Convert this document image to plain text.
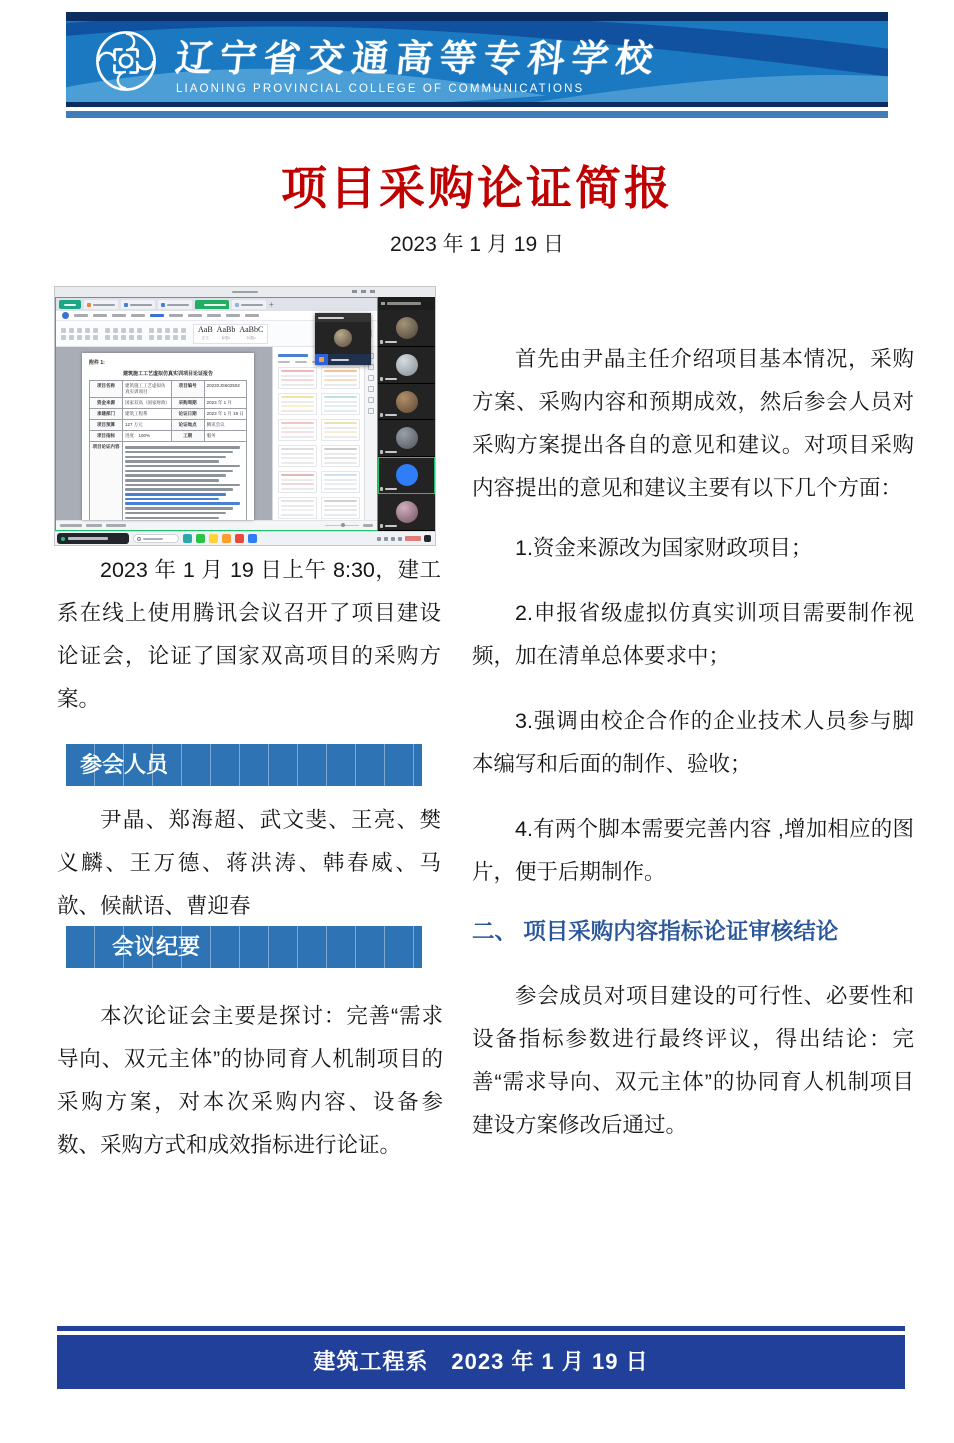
辽宁省交通高等专科学校
LIAONING PROVINCIAL COLLEGE OF COMMUNICATIONS
项目采购论证简报
2023 年 1 月 19 日
+
AaB
正文
AaBb
标题1
AaBbC
标题2
附件 1:
建筑施工工艺虚拟仿真实训项目论证报告
项目名称	建筑施工工艺虚拟仿真实训项目	项目编号	2023XJS602502
资金来源	国家双高（国家财政）	采购周期	2023 年 1 月
承建部门	建筑工程系	论证日期	2023 年 1 月 19 日
项目预算	127 万元	论证地点	腾讯会议
项目指标	进度：100%	工期	服务
项目论证内容			

2023 年 1 月 19 日上午 8:30，建工系在线上使用腾讯会议召开了项目建设论证会，论证了国家双高项目的采购方案。

参会人员

尹晶、郑海超、武文斐、王亮、樊义麟、王万德、蒋洪涛、韩春威、马歆、候献语、曹迎春

会议纪要

本次论证会主要是探讨：完善“需求导向、双元主体”的协同育人机制项目的采购方案，对本次采购内容、设备参数、采购方式和成效指标进行论证。

首先由尹晶主任介绍项目基本情况，采购方案、采购内容和预期成效，然后参会人员对采购方案提出各自的意见和建议。对项目采购内容提出的意见和建议主要有以下几个方面：

1.资金来源改为国家财政项目；

2.申报省级虚拟仿真实训项目需要制作视频，加在清单总体要求中；

3.强调由校企合作的企业技术人员参与脚本编写和后面的制作、验收；

4.有两个脚本需要完善内容 ,增加相应的图片，便于后期制作。

二、 项目采购内容指标论证审核结论

参会成员对项目建设的可行性、必要性和设备指标参数进行最终评议，得出结论：完善“需求导向、双元主体”的协同育人机制项目建设方案修改后通过。

建筑工程系　2023 年 1 月 19 日
